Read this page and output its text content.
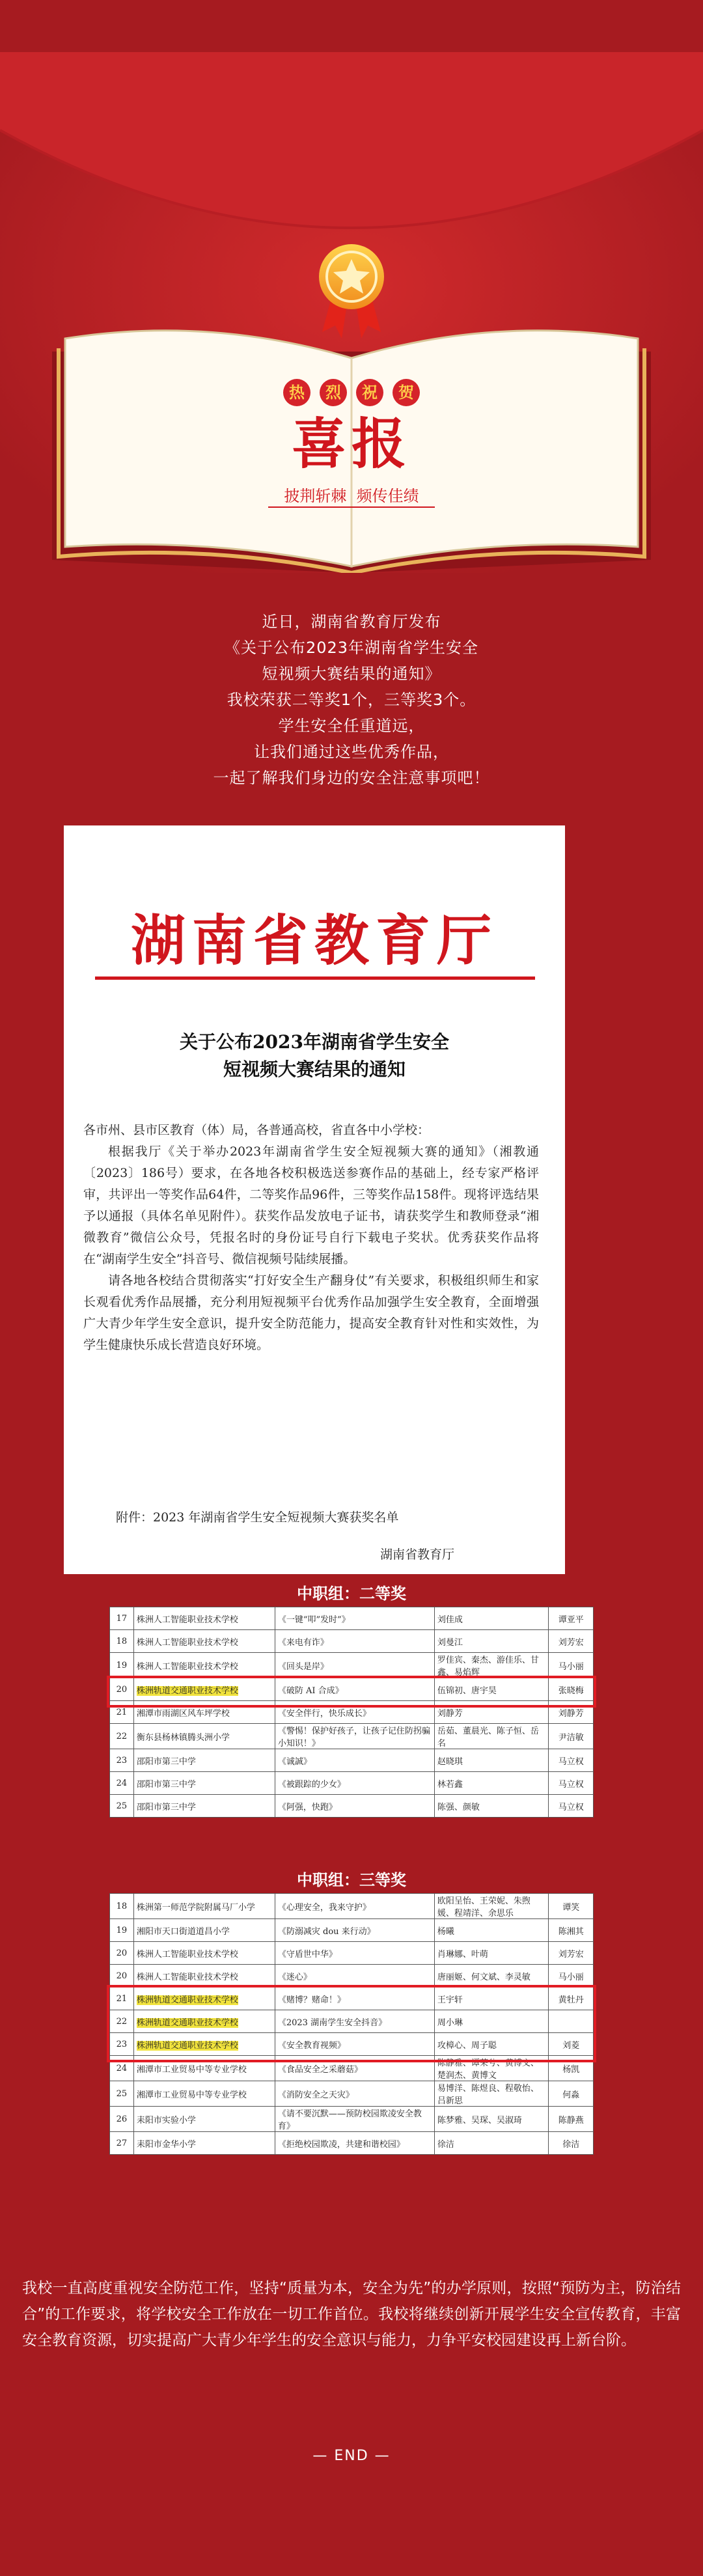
热	烈	祝	贺
喜报
披荆斩棘  频传佳绩
近日，湖南省教育厅发布
《关于公布2023年湖南省学生安全
短视频大赛结果的通知》
我校荣获二等奖1个，三等奖3个。
学生安全任重道远，
让我们通过这些优秀作品，
一起了解我们身边的安全注意事项吧！
湖南省教育厅
关于公布2023年湖南省学生安全
短视频大赛结果的通知

各市州、县市区教育（体）局，各普通高校，省直各中小学校：

根据我厅《关于举办2023年湖南省学生安全短视频大赛的通知》（湘教通〔2023〕186号）要求，在各地各校积极选送参赛作品的基础上，经专家严格评审，共评出一等奖作品64件，二等奖作品96件，三等奖作品158件。现将评选结果予以通报（具体名单见附件）。获奖作品发放电子证书，请获奖学生和教师登录“湘微教育”微信公众号，凭报名时的身份证号自行下载电子奖状。优秀获奖作品将在“湖南学生安全”抖音号、微信视频号陆续展播。

请各地各校结合贯彻落实“打好安全生产翻身仗”有关要求，积极组织师生和家长观看优秀作品展播，充分利用短视频平台优秀作品加强学生安全教育，全面增强广大青少年学生安全意识，提升安全防范能力，提高安全教育针对性和实效性，为学生健康快乐成长营造良好环境。

附件：2023 年湖南省学生安全短视频大赛获奖名单
湖南省教育厅
中职组：二等奖
17	株洲人工智能职业技术学校	《一键“叩”发时”》	刘佳成	谭亚平
18	株洲人工智能职业技术学校	《来电有诈》	刘曼江	刘芳宏
19	株洲人工智能职业技术学校	《回头是岸》	罗佳宾、秦杰、游佳乐、甘鑫、易焰辉	马小丽
20	株洲轨道交通职业技术学校	《破防 AI 合成》	伍锦初、唐宇昊	张晓梅
21	湘潭市雨湖区风车坪学校	《安全伴行，快乐成长》	刘静芳	刘静芳
22	衡东县杨林镇腾头洲小学	《警惕！保护好孩子，让孩子记住防拐骗小知识！》	岳茹、董晨光、陈子恒、岳名	尹洁敏
23	邵阳市第三中学	《诚誠》	赵晓琪	马立权
24	邵阳市第三中学	《被跟踪的少女》	林若鑫	马立权
25	邵阳市第三中学	《阿强，快跑》	陈强、颜敏	马立权
中职组：三等奖
18	株洲第一师范学院附属马厂小学	《心理安全，我来守护》	欧阳呈怡、王荣妮、朱煦媛、程靖洋、余思乐	谭笑
19	湘阳市天口街道道昌小学	《防溺减灾 dou 来行动》	杨曦	陈湘其
20	株洲人工智能职业技术学校	《守盾世中华》	肖琳娜、叶萌	刘芳宏
20	株洲人工智能职业技术学校	《迷心》	唐丽姬、何文斌、李灵敏	马小丽
21	株洲轨道交通职业技术学校	《赌博？赌命！》	王宇轩	黄牡丹
22	株洲轨道交通职业技术学校	《2023 湖南学生安全抖音》	周小琳	
23	株洲轨道交通职业技术学校	《安全教育视频》	攻樟心、周子聪	刘菱
24	湘潭市工业贸易中等专业学校	《食品安全之采蘑菇》	陈静雅、谭荣兮、黄博文、楚润杰、黄博文	杨凯
25	湘潭市工业贸易中等专业学校	《消防安全之天灾》	易博洋、陈煜良、程敬怡、吕新思	何淼
26	耒阳市实验小学	《请不要沉默——预防校园欺凌安全教育》	陈梦雅、吴琛、吴淑琦	陈静燕
27	耒阳市金华小学	《拒绝校园欺凌，共建和谐校园》	徐洁	徐洁
我校一直高度重视安全防范工作，坚持“质量为本，安全为先”的办学原则，按照“预防为主，防治结合”的工作要求，将学校安全工作放在一切工作首位。我校将继续创新开展学生安全宣传教育，丰富安全教育资源，切实提高广大青少年学生的安全意识与能力，力争平安校园建设再上新台阶。
— END —
